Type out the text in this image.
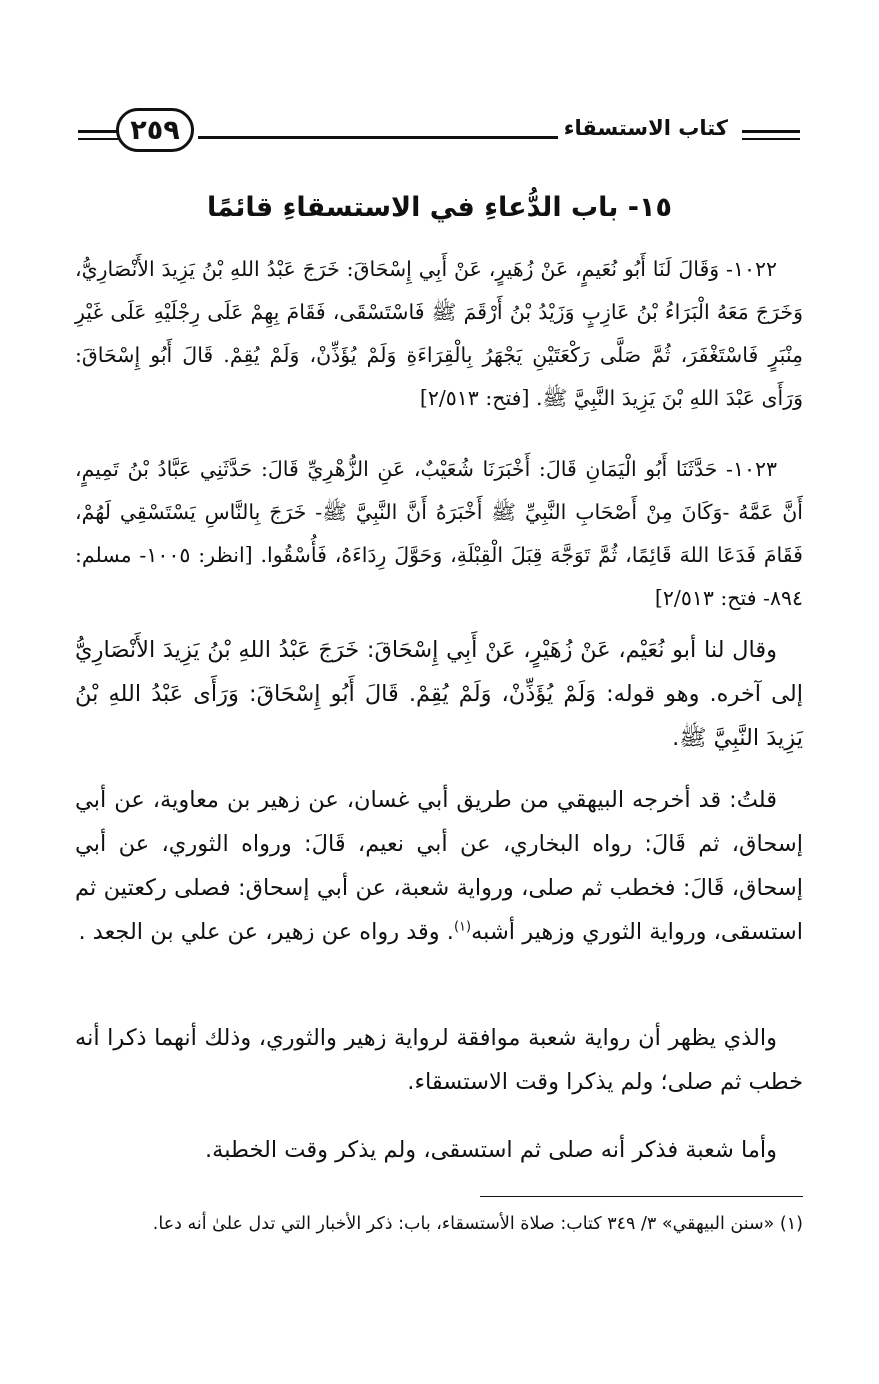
كتاب الاستسقاء
٢٥٩
١٥- باب الدُّعاءِ في الاستسقاءِ قائمًا

١٠٢٢- وَقَالَ لَنَا أَبُو نُعَيمٍ، عَنْ زُهَيرٍ، عَنْ أَبِي إِسْحَاقَ: خَرَجَ عَبْدُ اللهِ بْنُ يَزِيدَ الأَنْصَارِيُّ، وَخَرَجَ مَعَهُ الْبَرَاءُ بْنُ عَازِبٍ وَزَيْدُ بْنُ أَرْقَمَ ﷺ فَاسْتَسْقَى، فَقَامَ بِهِمْ عَلَى رِجْلَيْهِ عَلَى غَيْرِ مِنْبَرٍ فَاسْتَغْفَرَ، ثُمَّ صَلَّى رَكْعَتَيْنِ يَجْهَرُ بِالْقِرَاءَةِ وَلَمْ يُؤَذِّنْ، وَلَمْ يُقِمْ. قَالَ أَبُو إِسْحَاقَ: وَرَأَى عَبْدَ اللهِ بْنَ يَزِيدَ النَّبِيَّ ﷺ. [فتح: ٢/٥١٣]

١٠٢٣- حَدَّثَنَا أَبُو الْيَمَانِ قَالَ: أَخْبَرَنَا شُعَيْبٌ، عَنِ الزُّهْرِيِّ قَالَ: حَدَّثَنِي عَبَّادُ بْنُ تَمِيمٍ، أَنَّ عَمَّهُ -وَكَانَ مِنْ أَصْحَابِ النَّبِيِّ ﷺ أَخْبَرَهُ أَنَّ النَّبِيَّ ﷺ- خَرَجَ بِالنَّاسِ يَسْتَسْقِي لَهُمْ، فَقَامَ فَدَعَا اللهَ قَائِمًا، ثُمَّ تَوَجَّهَ قِبَلَ الْقِبْلَةِ، وَحَوَّلَ رِدَاءَهُ، فَأُسْقُوا. [انظر: ١٠٠٥- مسلم: ٨٩٤- فتح: ٢/٥١٣]

وقال لنا أبو نُعَيْم، عَنْ زُهَيْرٍ، عَنْ أَبِي إِسْحَاقَ: خَرَجَ عَبْدُ اللهِ بْنُ يَزِيدَ الأَنْصَارِيُّ إلى آخره. وهو قوله: وَلَمْ يُؤَذِّنْ، وَلَمْ يُقِمْ. قَالَ أَبُو إِسْحَاقَ: وَرَأَى عَبْدُ اللهِ بْنُ يَزِيدَ النَّبِيَّ ﷺ.

قلتُ: قد أخرجه البيهقي من طريق أبي غسان، عن زهير بن معاوية، عن أبي إسحاق، ثم قَالَ: رواه البخاري، عن أبي نعيم، قَالَ: ورواه الثوري، عن أبي إسحاق، قَالَ: فخطب ثم صلى، ورواية شعبة، عن أبي إسحاق: فصلى ركعتين ثم استسقى، ورواية الثوري وزهير أشبه$^{(١)}$. وقد رواه عن زهير، عن علي بن الجعد .

والذي يظهر أن رواية شعبة موافقة لرواية زهير والثوري، وذلك أنهما ذكرا أنه خطب ثم صلى؛ ولم يذكرا وقت الاستسقاء.

وأما شعبة فذكر أنه صلى ثم استسقى، ولم يذكر وقت الخطبة.

(١) «سنن البيهقي» ٣/ ٣٤٩ كتاب: صلاة الأستسقاء، باب: ذكر الأخبار التي تدل علىٰ أنه دعا.
